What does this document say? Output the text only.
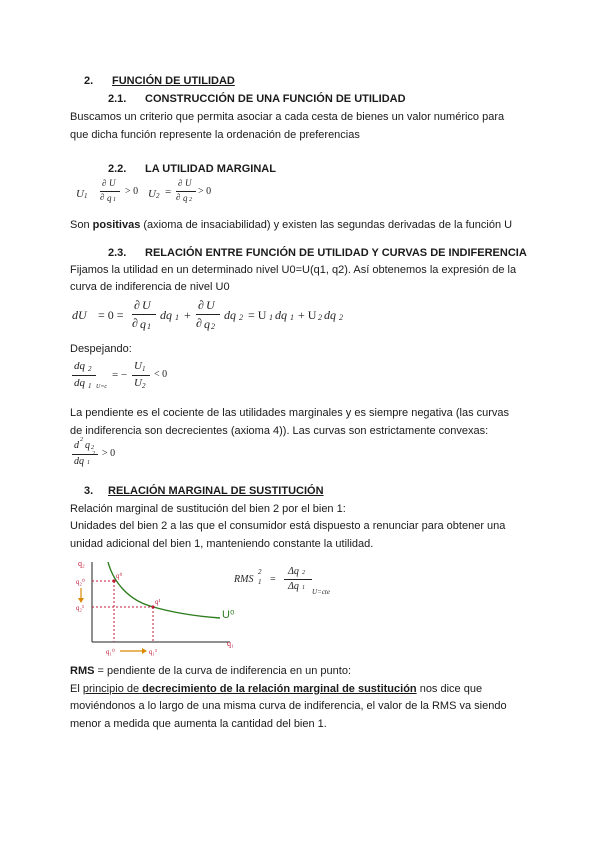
2. FUNCIÓN DE UTILIDAD
2.1. CONSTRUCCIÓN DE UNA FUNCIÓN DE UTILIDAD
Buscamos un criterio que permita asociar a cada cesta de bienes un valor numérico para
que dicha función represente la ordenación de preferencias
2.2. LA UTILIDAD MARGINAL
U 1
∂ U
∂ q 1
> 0 U 2 =
∂ U
∂ q 2
> 0
Son positivas (axioma de insaciabilidad) y existen las segundas derivadas de la función U
2.3. RELACIÓN ENTRE FUNCIÓN DE UTILIDAD Y CURVAS DE INDIFERENCIA
Fijamos la utilidad en un determinado nivel U0=U(q1, q2). Así obtenemos la expresión de la
curva de indiferencia de nivel U0
dU = 0 =
∂ U
∂ q 1
dq 1 +
∂ U
∂ q 2
dq 2 = U 1 dq 1 + U 2 dq 2
Despejando:
dq 2
dq 1 U=c
= −
U 1
U 2
< 0
La pendiente es el cociente de las utilidades marginales y es siempre negativa (las curvas
de indiferencia son decrecientes (axioma 4)). Las curvas son estrictamente convexas:
d 2 q 2
dq 1
2 > 0
3. RELACIÓN MARGINAL DE SUSTITUCIÓN
Relación marginal de sustitución del bien 2 por el bien 1:
Unidades del bien 2 a las que el consumidor está dispuesto a renunciar para obtener una
unidad adicional del bien 1, manteniendo constante la utilidad.
q₂
q₂⁰
q₂¹
q⁰
q¹
U⁰
q₁
q₁⁰	q₁¹
RMS
2
1 =
Δq 2
Δq 1 U=cte
RMS = pendiente de la curva de indiferencia en un punto:
El principio de decrecimiento de la relación marginal de sustitución nos dice que
moviéndonos a lo largo de una misma curva de indiferencia, el valor de la RMS va siendo
menor a medida que aumenta la cantidad del bien 1.
